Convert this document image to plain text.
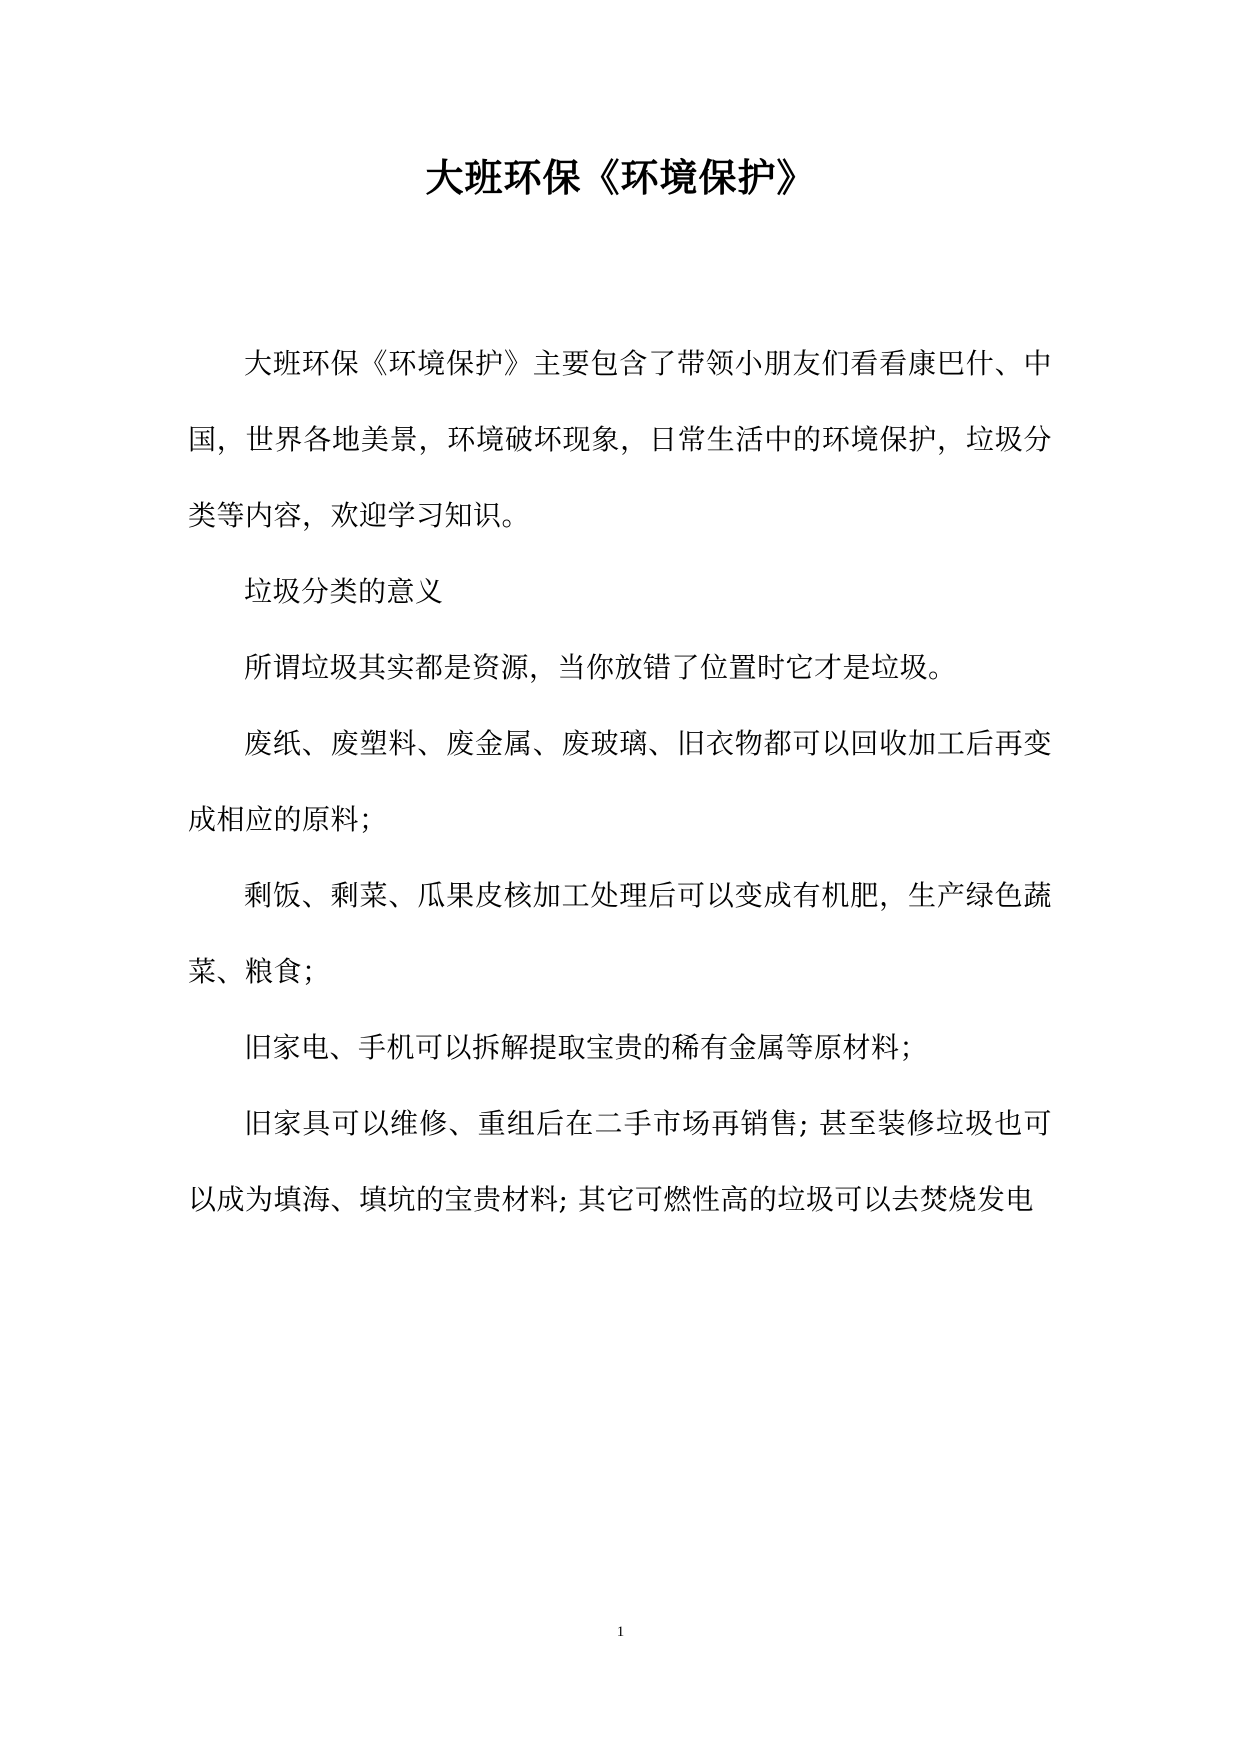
大班环保《环境保护》

大班环保《环境保护》主要包含了带领小朋友们看看康巴什、中国，世界各地美景，环境破坏现象，日常生活中的环境保护，垃圾分类等内容，欢迎学习知识。

垃圾分类的意义

所谓垃圾其实都是资源，当你放错了位置时它才是垃圾。

废纸、废塑料、废金属、废玻璃、旧衣物都可以回收加工后再变成相应的原料；

剩饭、剩菜、瓜果皮核加工处理后可以变成有机肥，生产绿色蔬菜、粮食；

旧家电、手机可以拆解提取宝贵的稀有金属等原材料；

旧家具可以维修、重组后在二手市场再销售; 甚至装修垃圾也可以成为填海、填坑的宝贵材料; 其它可燃性高的垃圾可以去焚烧发电

1
